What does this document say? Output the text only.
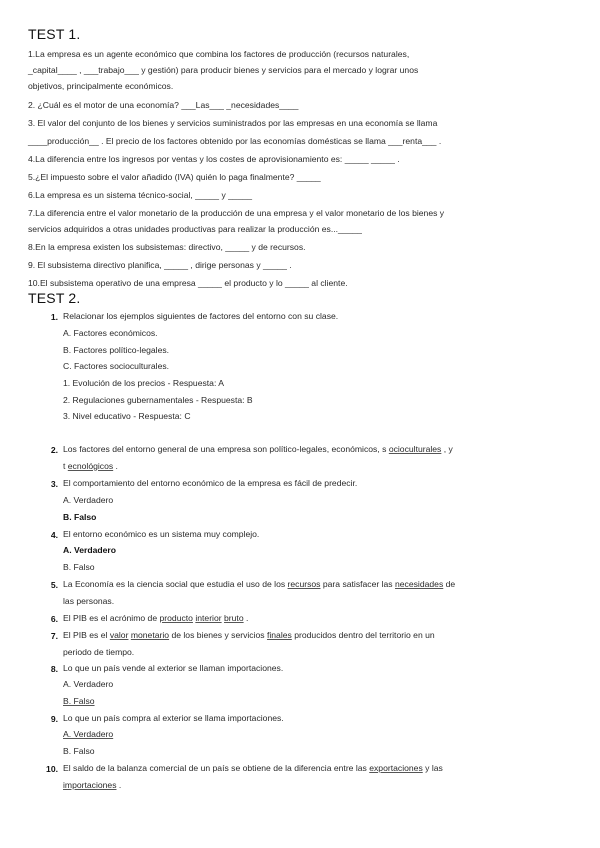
TEST 1.

1.La empresa es un agente económico que combina los factores de producción (recursos naturales,

_capital____ , ___trabajo___ y gestión) para producir bienes y servicios para el mercado y lograr unos

objetivos, principalmente económicos.

2. ¿Cuál es el motor de una economía? ___Las___ _necesidades____

3. El valor del conjunto de los bienes y servicios suministrados por las empresas en una economía se llama

____producción__ . El precio de los factores obtenido por las economías domésticas se llama ___renta___ .

4.La diferencia entre los ingresos por ventas y los costes de aprovisionamiento es: _____ _____ .

5.¿El impuesto sobre el valor añadido (IVA) quién lo paga finalmente? _____

6.La empresa es un sistema técnico-social, _____ y _____

7.La diferencia entre el valor monetario de la producción de una empresa y el valor monetario de los bienes y

servicios adquiridos a otras unidades productivas para realizar la producción es..._____

8.En la empresa existen los subsistemas: directivo, _____ y de recursos.

9. El subsistema directivo planifica, _____ , dirige personas y _____ .

10.El subsistema operativo de una empresa _____ el producto y lo _____ al cliente.

TEST 2.
1. Relacionar los ejemplos siguientes de factores del entorno con su clase.
A. Factores económicos.
B. Factores político-legales.
C. Factores socioculturales.
1. Evolución de los precios - Respuesta: A
2. Regulaciones gubernamentales - Respuesta: B
3. Nivel educativo - Respuesta: C
2. Los factores del entorno general de una empresa son político-legales, económicos, s ocioculturales , y
t ecnológicos .
3. El comportamiento del entorno económico de la empresa es fácil de predecir.
A. Verdadero
B. Falso
4. El entorno económico es un sistema muy complejo.
A. Verdadero
B. Falso
5. La Economía es la ciencia social que estudia el uso de los recursos para satisfacer las necesidades de
las personas.
6. El PIB es el acrónimo de producto interior bruto .
7. El PIB es el valor monetario de los bienes y servicios finales producidos dentro del territorio en un
periodo de tiempo.
8. Lo que un país vende al exterior se llaman importaciones.
A. Verdadero
B. Falso
9. Lo que un país compra al exterior se llama importaciones.
A. Verdadero
B. Falso
10. El saldo de la balanza comercial de un país se obtiene de la diferencia entre las exportaciones y las
importaciones .
